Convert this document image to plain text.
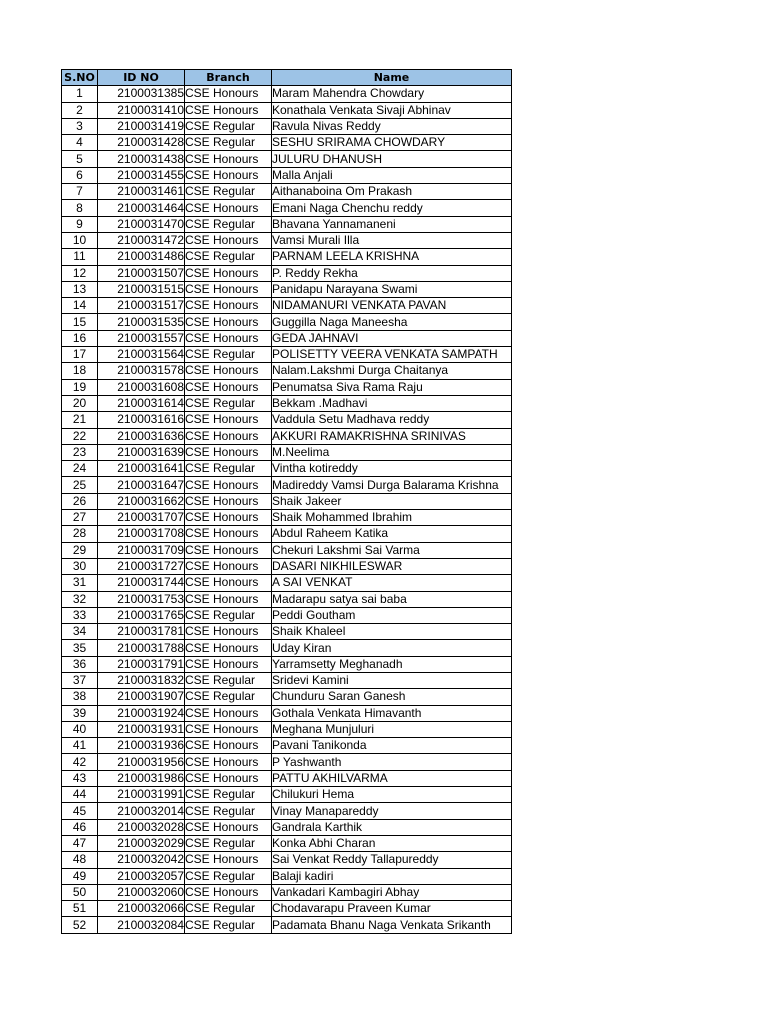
S.NO	ID NO	Branch	Name
1	2100031385	CSE Honours	Maram Mahendra Chowdary
2	2100031410	CSE Honours	Konathala Venkata Sivaji Abhinav
3	2100031419	CSE Regular	Ravula Nivas Reddy
4	2100031428	CSE Regular	SESHU SRIRAMA CHOWDARY
5	2100031438	CSE Honours	JULURU DHANUSH
6	2100031455	CSE Honours	Malla Anjali
7	2100031461	CSE Regular	Aithanaboina Om Prakash
8	2100031464	CSE Honours	Emani Naga Chenchu reddy
9	2100031470	CSE Regular	Bhavana Yannamaneni
10	2100031472	CSE Honours	Vamsi Murali Illa
11	2100031486	CSE Regular	PARNAM LEELA KRISHNA
12	2100031507	CSE Honours	P. Reddy Rekha
13	2100031515	CSE Honours	Panidapu Narayana Swami
14	2100031517	CSE Honours	NIDAMANURI VENKATA PAVAN
15	2100031535	CSE Honours	Guggilla Naga Maneesha
16	2100031557	CSE Honours	GEDA JAHNAVI
17	2100031564	CSE Regular	POLISETTY VEERA VENKATA SAMPATH
18	2100031578	CSE Honours	Nalam.Lakshmi Durga Chaitanya
19	2100031608	CSE Honours	Penumatsa Siva Rama Raju
20	2100031614	CSE Regular	Bekkam .Madhavi
21	2100031616	CSE Honours	Vaddula Setu Madhava reddy
22	2100031636	CSE Honours	AKKURI RAMAKRISHNA SRINIVAS
23	2100031639	CSE Honours	M.Neelima
24	2100031641	CSE Regular	Vintha kotireddy
25	2100031647	CSE Honours	Madireddy Vamsi Durga Balarama Krishna
26	2100031662	CSE Honours	Shaik Jakeer
27	2100031707	CSE Honours	Shaik Mohammed Ibrahim
28	2100031708	CSE Honours	Abdul Raheem Katika
29	2100031709	CSE Honours	Chekuri Lakshmi Sai Varma
30	2100031727	CSE Honours	DASARI NIKHILESWAR
31	2100031744	CSE Honours	A SAI VENKAT
32	2100031753	CSE Honours	Madarapu satya sai baba
33	2100031765	CSE Regular	Peddi Goutham
34	2100031781	CSE Honours	Shaik Khaleel
35	2100031788	CSE Honours	Uday Kiran
36	2100031791	CSE Honours	Yarramsetty Meghanadh
37	2100031832	CSE Regular	Sridevi Kamini
38	2100031907	CSE Regular	Chunduru Saran Ganesh
39	2100031924	CSE Honours	Gothala Venkata Himavanth
40	2100031931	CSE Honours	Meghana Munjuluri
41	2100031936	CSE Honours	Pavani Tanikonda
42	2100031956	CSE Honours	P Yashwanth
43	2100031986	CSE Honours	PATTU AKHILVARMA
44	2100031991	CSE Regular	Chilukuri Hema
45	2100032014	CSE Regular	Vinay Manapareddy
46	2100032028	CSE Honours	Gandrala Karthik
47	2100032029	CSE Regular	Konka Abhi Charan
48	2100032042	CSE Honours	Sai Venkat Reddy Tallapureddy
49	2100032057	CSE Regular	Balaji kadiri
50	2100032060	CSE Honours	Vankadari Kambagiri Abhay
51	2100032066	CSE Regular	Chodavarapu Praveen Kumar
52	2100032084	CSE Regular	Padamata Bhanu Naga Venkata Srikanth
